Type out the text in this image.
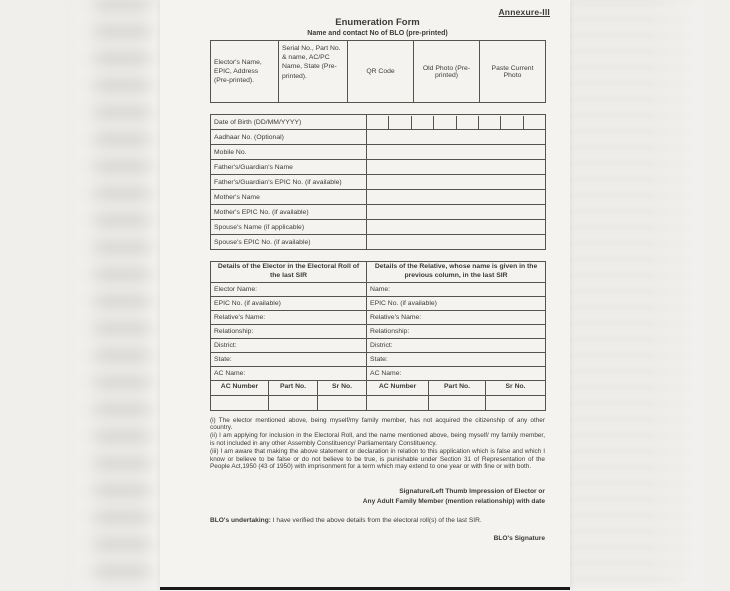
Annexure-III
Enumeration Form
Name and contact No of BLO (pre-printed)
Elector's Name, EPIC, Address (Pre-printed).	Serial No., Part No. & name, AC/PC Name, State (Pre-printed).	QR Code	Old Photo (Pre-printed)	Paste Current Photo
Date of Birth (DD/MM/YYYY)	

Aadhaar No. (Optional)	
Mobile No.	
Father's/Guardian's Name	
Father's/Guardian's EPIC No. (if available)	
Mother's Name	
Mother's EPIC No. (if available)	
Spouse's Name (if applicable)	
Spouse's EPIC No. (if available)	
Details of the Elector in the Electoral Roll of the last SIR			Details of the Relative, whose name is given in the previous column, in the last SIR		
Elector Name:			Name:		
EPIC No. (if available)			EPIC No. (if available)		
Relative's Name:			Relative's Name:		
Relationship:			Relationship:		
District:			District:		
State:			State:		
AC Name:			AC Name:		
AC Number	Part No.	Sr No.	AC Number	Part No.	Sr No.

(i) The elector mentioned above, being myself/my family member, has not acquired the citizenship of any other country.

(ii) I am applying for inclusion in the Electoral Roll, and the name mentioned above, being myself/ my family member, is not included in any other Assembly Constituency/ Parliamentary Constituency.

(iii) I am aware that making the above statement or declaration in relation to this application which is false and which I know or believe to be false or do not believe to be true, is punishable under Section 31 of Representation of the People Act,1950 (43 of 1950) with imprisonment for a term which may extend to one year or with fine or with both.

Signature/Left Thumb Impression of Elector or
Any Adult Family Member (mention relationship) with date
BLO's undertaking: I have verified the above details from the electoral roll(s) of the last SIR.
BLO's Signature
